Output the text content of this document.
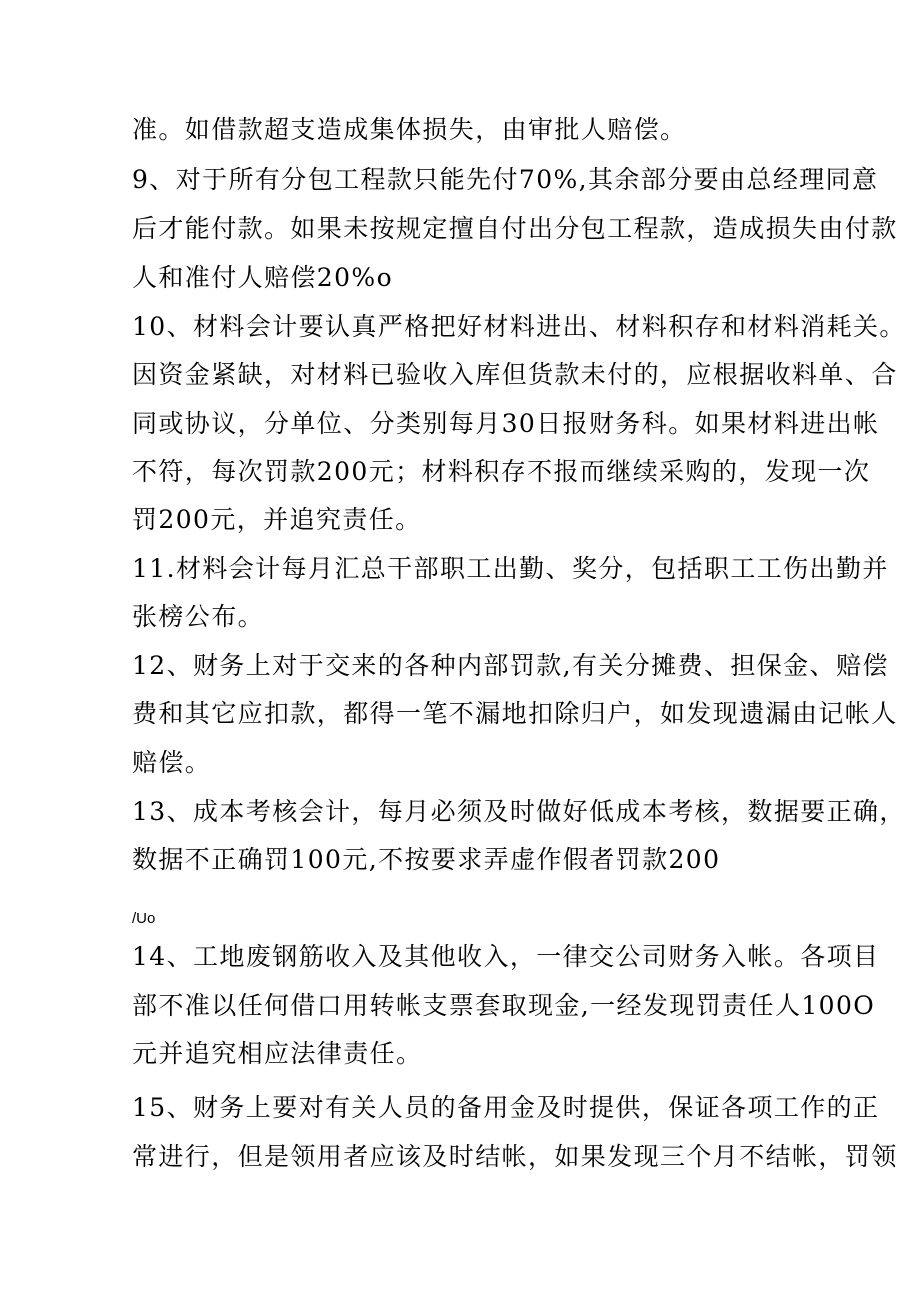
准。如借款超支造成集体损失，由审批人赔偿。
9、对于所有分包工程款只能先付70%,其余部分要由总经理同意
后才能付款。如果未按规定擅自付出分包工程款，造成损失由付款
人和准付人赔偿20%o
10、材料会计要认真严格把好材料进出、材料积存和材料消耗关。
因资金紧缺，对材料已验收入库但货款未付的，应根据收料单、合
同或协议，分单位、分类别每月30日报财务科。如果材料进出帐
不符，每次罚款200元；材料积存不报而继续采购的，发现一次
罚200元，并追究责任。
11.材料会计每月汇总干部职工出勤、奖分，包括职工工伤出勤并
张榜公布。
12、财务上对于交来的各种内部罚款,有关分摊费、担保金、赔偿
费和其它应扣款，都得一笔不漏地扣除归户，如发现遗漏由记帐人
赔偿。
13、成本考核会计，每月必须及时做好低成本考核，数据要正确，
数据不正确罚100元,不按要求弄虚作假者罚款200
/Uo
14、工地废钢筋收入及其他收入，一律交公司财务入帐。各项目
部不准以任何借口用转帐支票套取现金,一经发现罚责任人100O
元并追究相应法律责任。
15、财务上要对有关人员的备用金及时提供，保证各项工作的正
常进行，但是领用者应该及时结帐，如果发现三个月不结帐，罚领
